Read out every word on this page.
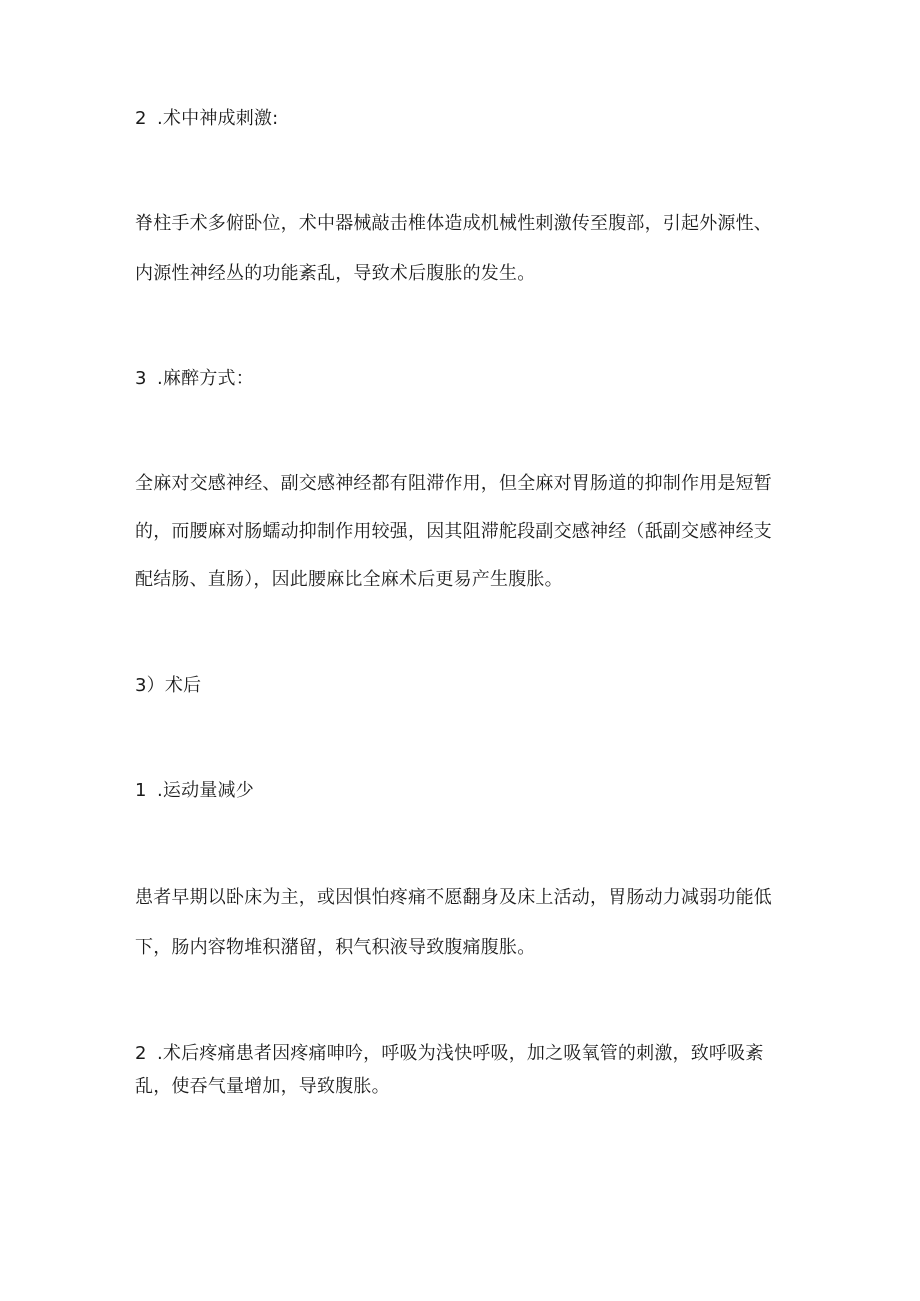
2 .术中神成刺激:
脊柱手术多俯卧位，术中器械敲击椎体造成机械性刺激传至腹部，引起外源性、
内源性神经丛的功能紊乱，导致术后腹胀的发生。
3 .麻醉方式：
全麻对交感神经、副交感神经都有阻滞作用，但全麻对胃肠道的抑制作用是短暂
的，而腰麻对肠蠕动抑制作用较强，因其阻滞舵段副交感神经（舐副交感神经支
配结肠、直肠），因此腰麻比全麻术后更易产生腹胀。
3）术后
1 .运动量减少
患者早期以卧床为主，或因惧怕疼痛不愿翻身及床上活动，胃肠动力减弱功能低
下，肠内容物堆积潴留，积气积液导致腹痛腹胀。
2 .术后疼痛患者因疼痛呻吟，呼吸为浅快呼吸，加之吸氧管的刺激，致呼吸紊
乱，使吞气量增加，导致腹胀。
